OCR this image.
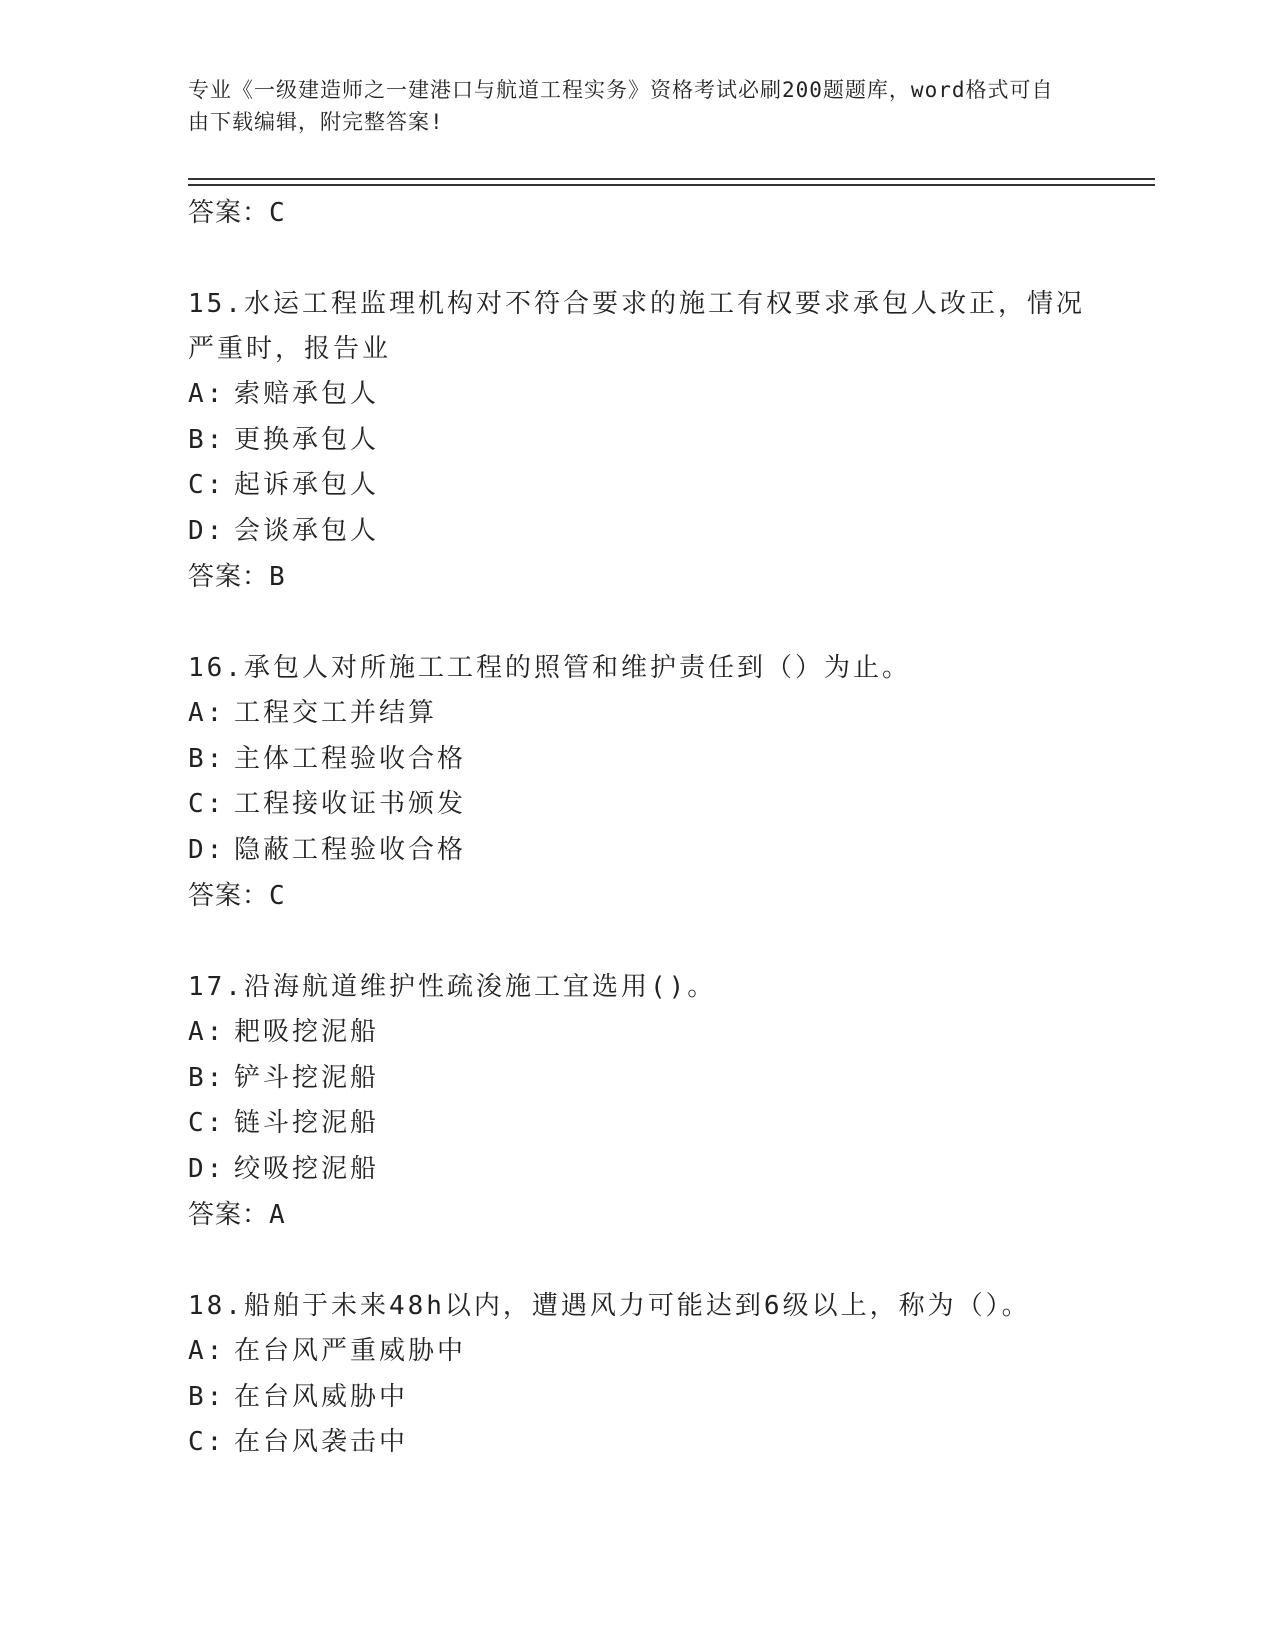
专业《一级建造师之一建港口与航道工程实务》资格考试必刷200题题库，word格式可自由下载编辑，附完整答案!
答案：C
15.水运工程监理机构对不符合要求的施工有权要求承包人改正，情况严重时，报告业
A: 索赔承包人
B: 更换承包人
C: 起诉承包人
D: 会谈承包人
答案：B
16.承包人对所施工工程的照管和维护责任到（）为止。
A: 工程交工并结算
B: 主体工程验收合格
C: 工程接收证书颁发
D: 隐蔽工程验收合格
答案：C
17.沿海航道维护性疏浚施工宜选用()。
A: 耙吸挖泥船
B: 铲斗挖泥船
C: 链斗挖泥船
D: 绞吸挖泥船
答案：A
18.船舶于未来48h以内，遭遇风力可能达到6级以上，称为（）。
A: 在台风严重威胁中
B: 在台风威胁中
C: 在台风袭击中
